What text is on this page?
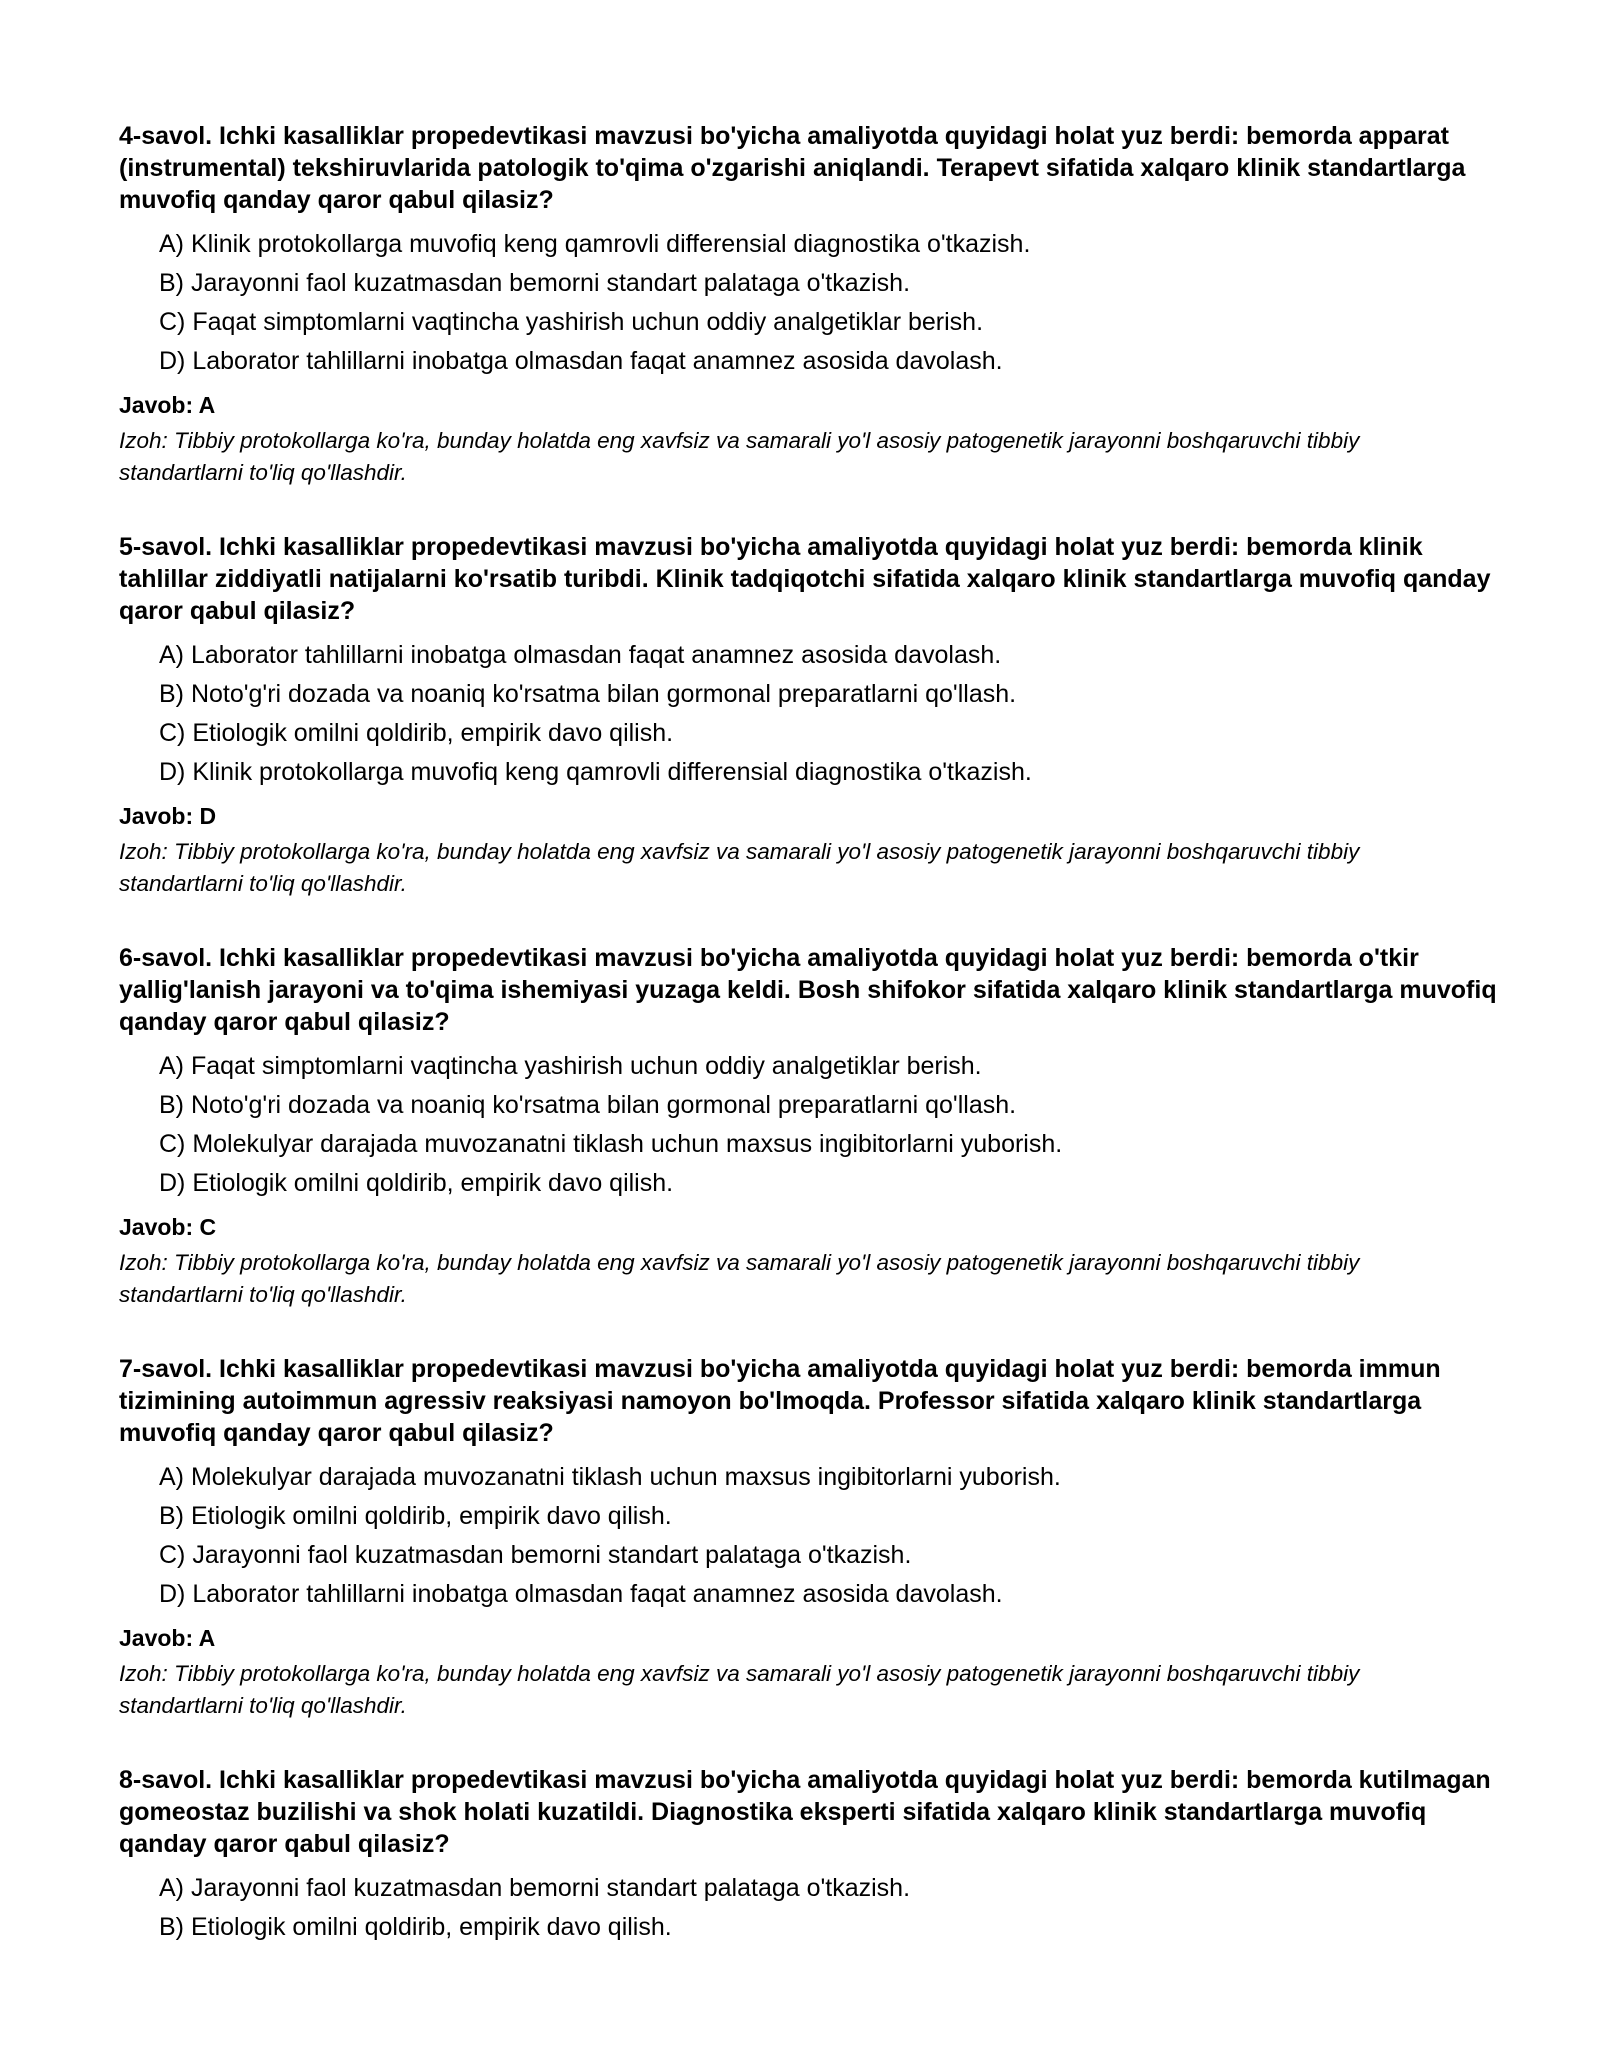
4-savol. Ichki kasalliklar propedevtikasi mavzusi bo'yicha amaliyotda quyidagi holat yuz berdi: bemorda apparat (instrumental) tekshiruvlarida patologik to'qima o'zgarishi aniqlandi. Terapevt sifatida xalqaro klinik standartlarga muvofiq qanday qaror qabul qilasiz?
A) Klinik protokollarga muvofiq keng qamrovli differensial diagnostika o'tkazish.
B) Jarayonni faol kuzatmasdan bemorni standart palataga o'tkazish.
C) Faqat simptomlarni vaqtincha yashirish uchun oddiy analgetiklar berish.
D) Laborator tahlillarni inobatga olmasdan faqat anamnez asosida davolash.
Javob: A
Izoh: Tibbiy protokollarga ko'ra, bunday holatda eng xavfsiz va samarali yo'l asosiy patogenetik jarayonni boshqaruvchi tibbiy standartlarni to'liq qo'llashdir.
5-savol. Ichki kasalliklar propedevtikasi mavzusi bo'yicha amaliyotda quyidagi holat yuz berdi: bemorda klinik tahlillar ziddiyatli natijalarni ko'rsatib turibdi. Klinik tadqiqotchi sifatida xalqaro klinik standartlarga muvofiq qanday qaror qabul qilasiz?
A) Laborator tahlillarni inobatga olmasdan faqat anamnez asosida davolash.
B) Noto'g'ri dozada va noaniq ko'rsatma bilan gormonal preparatlarni qo'llash.
C) Etiologik omilni qoldirib, empirik davo qilish.
D) Klinik protokollarga muvofiq keng qamrovli differensial diagnostika o'tkazish.
Javob: D
Izoh: Tibbiy protokollarga ko'ra, bunday holatda eng xavfsiz va samarali yo'l asosiy patogenetik jarayonni boshqaruvchi tibbiy standartlarni to'liq qo'llashdir.
6-savol. Ichki kasalliklar propedevtikasi mavzusi bo'yicha amaliyotda quyidagi holat yuz berdi: bemorda o'tkir yallig'lanish jarayoni va to'qima ishemiyasi yuzaga keldi. Bosh shifokor sifatida xalqaro klinik standartlarga muvofiq qanday qaror qabul qilasiz?
A) Faqat simptomlarni vaqtincha yashirish uchun oddiy analgetiklar berish.
B) Noto'g'ri dozada va noaniq ko'rsatma bilan gormonal preparatlarni qo'llash.
C) Molekulyar darajada muvozanatni tiklash uchun maxsus ingibitorlarni yuborish.
D) Etiologik omilni qoldirib, empirik davo qilish.
Javob: C
Izoh: Tibbiy protokollarga ko'ra, bunday holatda eng xavfsiz va samarali yo'l asosiy patogenetik jarayonni boshqaruvchi tibbiy standartlarni to'liq qo'llashdir.
7-savol. Ichki kasalliklar propedevtikasi mavzusi bo'yicha amaliyotda quyidagi holat yuz berdi: bemorda immun tizimining autoimmun agressiv reaksiyasi namoyon bo'lmoqda. Professor sifatida xalqaro klinik standartlarga muvofiq qanday qaror qabul qilasiz?
A) Molekulyar darajada muvozanatni tiklash uchun maxsus ingibitorlarni yuborish.
B) Etiologik omilni qoldirib, empirik davo qilish.
C) Jarayonni faol kuzatmasdan bemorni standart palataga o'tkazish.
D) Laborator tahlillarni inobatga olmasdan faqat anamnez asosida davolash.
Javob: A
Izoh: Tibbiy protokollarga ko'ra, bunday holatda eng xavfsiz va samarali yo'l asosiy patogenetik jarayonni boshqaruvchi tibbiy standartlarni to'liq qo'llashdir.
8-savol. Ichki kasalliklar propedevtikasi mavzusi bo'yicha amaliyotda quyidagi holat yuz berdi: bemorda kutilmagan gomeostaz buzilishi va shok holati kuzatildi. Diagnostika eksperti sifatida xalqaro klinik standartlarga muvofiq qanday qaror qabul qilasiz?
A) Jarayonni faol kuzatmasdan bemorni standart palataga o'tkazish.
B) Etiologik omilni qoldirib, empirik davo qilish.
